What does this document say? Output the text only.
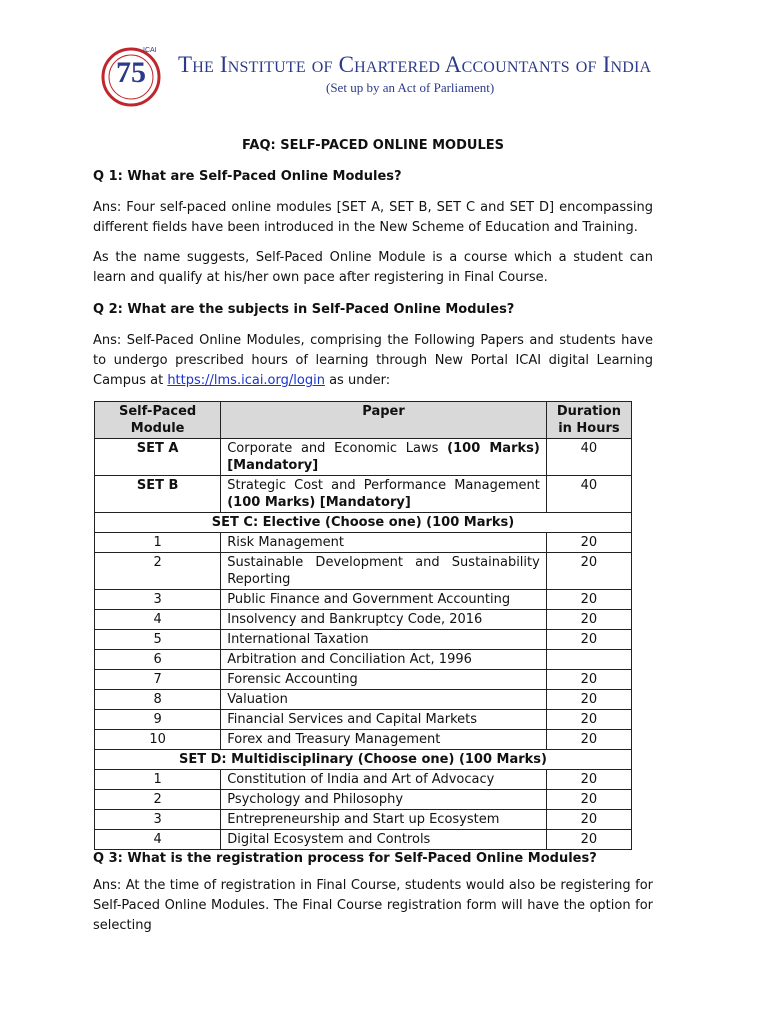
75
ICAI
The Institute of Chartered Accountants of India
(Set up by an Act of Parliament)
FAQ: SELF-PACED ONLINE MODULES
Q 1: What are Self-Paced Online Modules?
Ans: Four self-paced online modules [SET A, SET B, SET C and SET D] encompassing different fields have been introduced in the New Scheme of Education and Training.
As the name suggests, Self-Paced Online Module is a course which a student can learn and qualify at his/her own pace after registering in Final Course.
Q 2: What are the subjects in Self-Paced Online Modules?
Ans: Self-Paced Online Modules, comprising the Following Papers and students have to undergo prescribed hours of learning through New Portal ICAI digital Learning Campus at https://lms.icai.org/login as under:
Self-Paced Module	Paper	Duration in Hours
SET A	Corporate and Economic Laws (100 Marks) [Mandatory]	40
SET B	Strategic Cost and Performance Management (100 Marks) [Mandatory]	40
SET C: Elective (Choose one) (100 Marks)		
1	Risk Management	20
2	Sustainable Development and Sustainability Reporting	20
3	Public Finance and Government Accounting	20
4	Insolvency and Bankruptcy Code, 2016	20
5	International Taxation	20
6	Arbitration and Conciliation Act, 1996	
7	Forensic Accounting	20
8	Valuation	20
9	Financial Services and Capital Markets	20
10	Forex and Treasury Management	20
SET D: Multidisciplinary (Choose one) (100 Marks)		
1	Constitution of India and Art of Advocacy	20
2	Psychology and Philosophy	20
3	Entrepreneurship and Start up Ecosystem	20
4	Digital Ecosystem and Controls	20
Q 3: What is the registration process for Self-Paced Online Modules?
Ans: At the time of registration in Final Course, students would also be registering for Self-Paced Online Modules. The Final Course registration form will have the option for selecting
